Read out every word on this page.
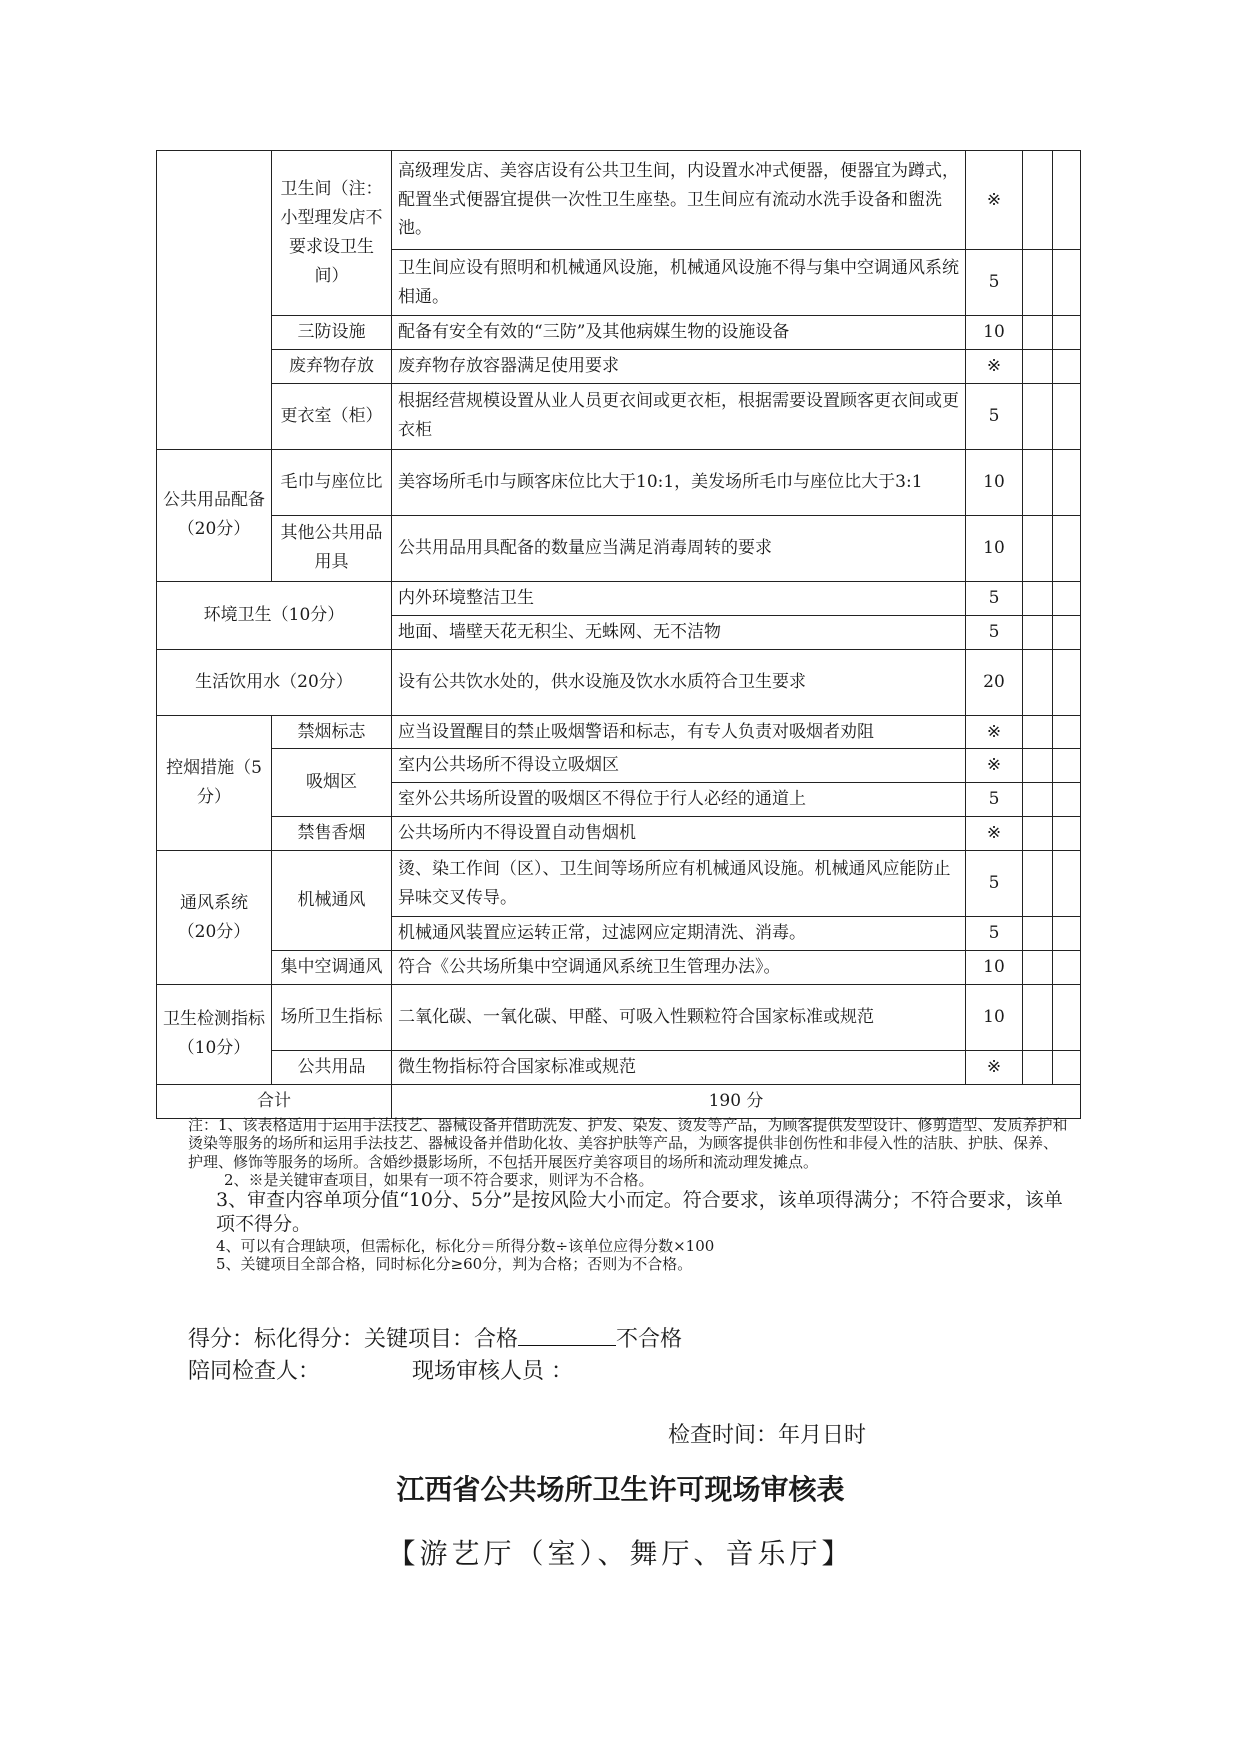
	卫生间（注：小型理发店不要求设卫生间）	高级理发店、美容店设有公共卫生间，内设置水冲式便器，便器宜为蹲式，配置坐式便器宜提供一次性卫生座垫。卫生间应有流动水洗手设备和盥洗池。	※		
		卫生间应设有照明和机械通风设施，机械通风设施不得与集中空调通风系统相通。	5		
	三防设施	配备有安全有效的“三防”及其他病媒生物的设施设备	10		
	废弃物存放	废弃物存放容器满足使用要求	※		
	更衣室（柜）	根据经营规模设置从业人员更衣间或更衣柜，根据需要设置顾客更衣间或更衣柜	5		
公共用品配备（20分）	毛巾与座位比	美容场所毛巾与顾客床位比大于10:1，美发场所毛巾与座位比大于3:1	10		
	其他公共用品用具	公共用品用具配备的数量应当满足消毒周转的要求	10		
环境卫生（10分）		内外环境整洁卫生	5		
		地面、墙壁天花无积尘、无蛛网、无不洁物	5		
生活饮用水（20分）		设有公共饮水处的，供水设施及饮水水质符合卫生要求	20		
控烟措施（5分）	禁烟标志	应当设置醒目的禁止吸烟警语和标志，有专人负责对吸烟者劝阻	※		
	吸烟区	室内公共场所不得设立吸烟区	※		
		室外公共场所设置的吸烟区不得位于行人必经的通道上	5		
	禁售香烟	公共场所内不得设置自动售烟机	※		
通风系统（20分）	机械通风	烫、染工作间（区）、卫生间等场所应有机械通风设施。机械通风应能防止异味交叉传导。	5		
		机械通风装置应运转正常，过滤网应定期清洗、消毒。	5		
	集中空调通风	符合《公共场所集中空调通风系统卫生管理办法》。	10		
卫生检测指标（10分）	场所卫生指标	二氧化碳、一氧化碳、甲醛、可吸入性颗粒符合国家标准或规范	10		
	公共用品	微生物指标符合国家标准或规范	※		
合计		190 分			

注：1、该表格适用于运用手法技艺、器械设备并借助洗发、护发、染发、烫发等产品，为顾客提供发型设计、修剪造型、发质养护和烫染等服务的场所和运用手法技艺、器械设备并借助化妆、美容护肤等产品，为顾客提供非创伤性和非侵入性的洁肤、护肤、保养、护理、修饰等服务的场所。含婚纱摄影场所，不包括开展医疗美容项目的场所和流动理发摊点。

2、※是关键审查项目，如果有一项不符合要求，则评为不合格。

3、审查内容单项分值“10分、5分”是按风险大小而定。符合要求，该单项得满分；不符合要求，该单项不得分。

4、可以有合理缺项，但需标化，标化分＝所得分数÷该单位应得分数×100

5、关键项目全部合格，同时标化分≥60分，判为合格；否则为不合格。

得分：标化得分：关键项目：合格	不合格
陪同检查人：	现场审核人员 ：
检查时间：年月日时
江西省公共场所卫生许可现场审核表
【游艺厅（室）、舞厅、音乐厅】
